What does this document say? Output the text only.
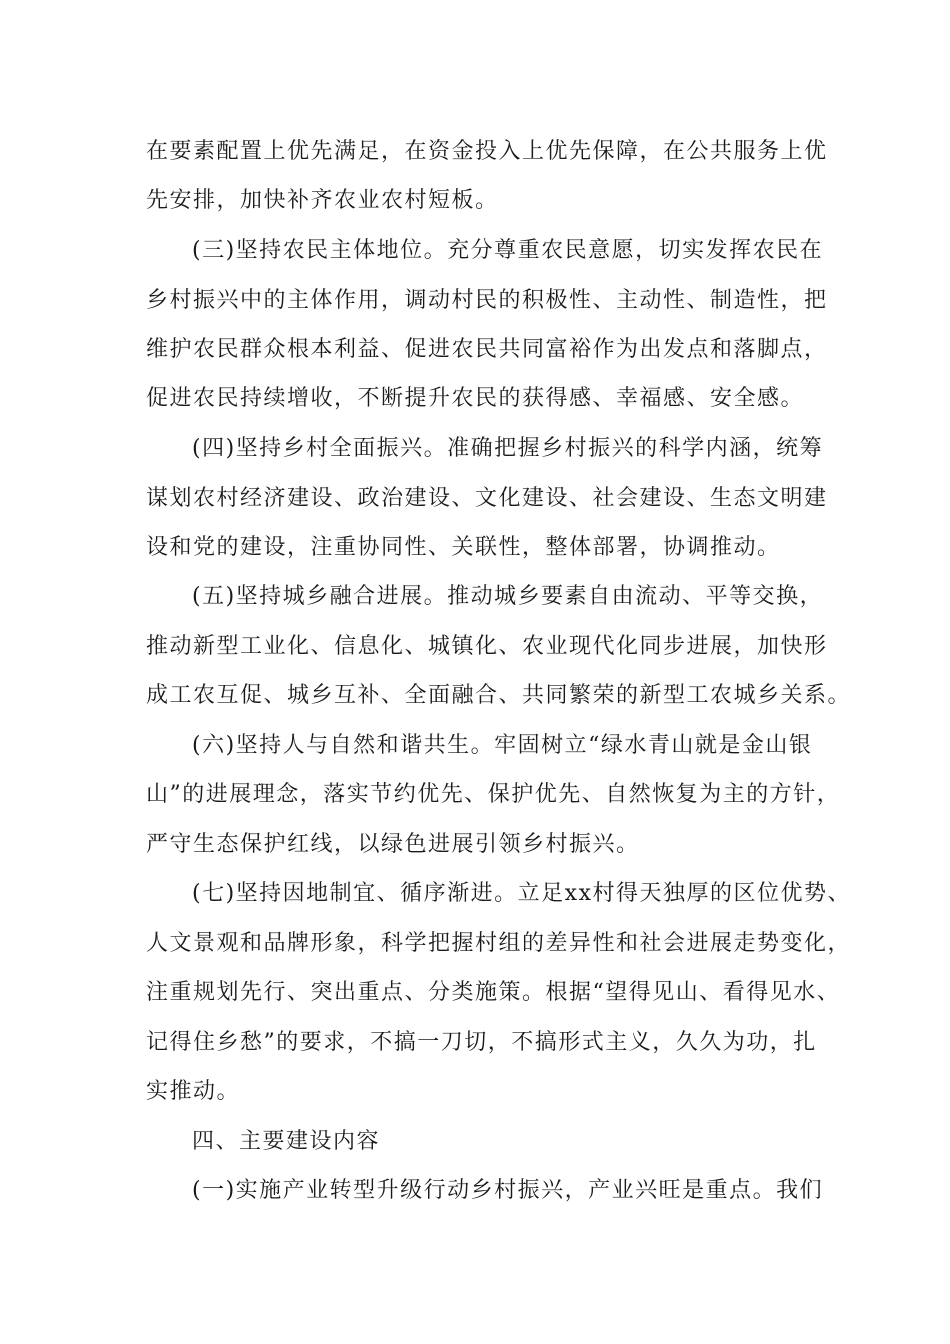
在要素配置上优先满足，在资金投入上优先保障，在公共服务上优
先安排，加快补齐农业农村短板。
(三)坚持农民主体地位。充分尊重农民意愿，切实发挥农民在
乡村振兴中的主体作用，调动村民的积极性、主动性、制造性，把
维护农民群众根本利益、促进农民共同富裕作为出发点和落脚点，
促进农民持续增收，不断提升农民的获得感、幸福感、安全感。
(四)坚持乡村全面振兴。准确把握乡村振兴的科学内涵，统筹
谋划农村经济建设、政治建设、文化建设、社会建设、生态文明建
设和党的建设，注重协同性、关联性，整体部署，协调推动。
(五)坚持城乡融合进展。推动城乡要素自由流动、平等交换，
推动新型工业化、信息化、城镇化、农业现代化同步进展，加快形
成工农互促、城乡互补、全面融合、共同繁荣的新型工农城乡关系。
(六)坚持人与自然和谐共生。牢固树立“绿水青山就是金山银
山”的进展理念，落实节约优先、保护优先、自然恢复为主的方针，
严守生态保护红线，以绿色进展引领乡村振兴。
(七)坚持因地制宜、循序渐进。立足xx村得天独厚的区位优势、
人文景观和品牌形象，科学把握村组的差异性和社会进展走势变化，
注重规划先行、突出重点、分类施策。根据“望得见山、看得见水、
记得住乡愁”的要求，不搞一刀切，不搞形式主义，久久为功，扎
实推动。
四、主要建设内容
(一)实施产业转型升级行动乡村振兴，产业兴旺是重点。我们
